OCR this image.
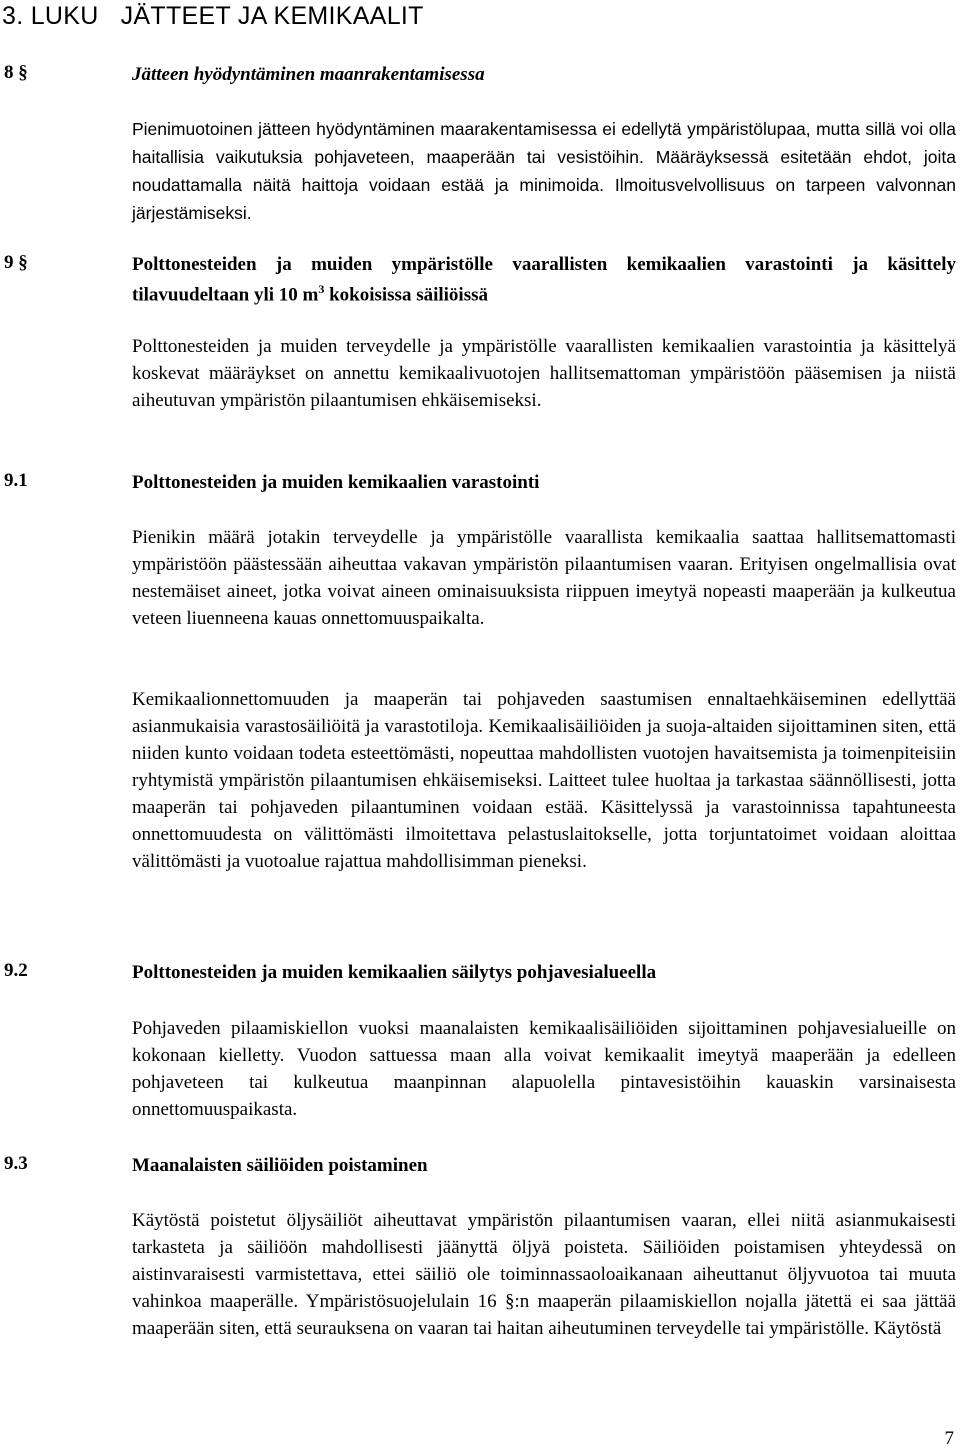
3. LUKU JÄTTEET JA KEMIKAALIT
8 §	Jätteen hyödyntäminen maanrakentamisessa

Pienimuotoinen jätteen hyödyntäminen maarakentamisessa ei edellytä ympäristölupaa, mutta sillä voi olla haitallisia vaikutuksia pohjaveteen, maaperään tai vesistöihin. Määräyksessä esitetään ehdot, joita noudattamalla näitä haittoja voidaan estää ja minimoida. Ilmoitusvelvollisuus on tarpeen valvonnan järjestämiseksi.

9 §	Polttonesteiden ja muiden ympäristölle vaarallisten kemikaalien varastointi ja käsittely tilavuudeltaan yli 10 $m^3$ kokoisissa säiliöissä

Polttonesteiden ja muiden terveydelle ja ympäristölle vaarallisten kemikaalien varastointia ja käsittelyä koskevat määräykset on annettu kemikaalivuotojen hallitsemattoman ympäristöön pääsemisen ja niistä aiheutuvan ympäristön pilaantumisen ehkäisemiseksi.

9.1	Polttonesteiden ja muiden kemikaalien varastointi

Pienikin määrä jotakin terveydelle ja ympäristölle vaarallista kemikaalia saattaa hallitsemattomasti ympäristöön päästessään aiheuttaa vakavan ympäristön pilaantumisen vaaran. Erityisen ongelmallisia ovat nestemäiset aineet, jotka voivat aineen ominaisuuksista riippuen imeytyä nopeasti maaperään ja kulkeutua veteen liuenneena kauas onnettomuuspaikalta.

Kemikaalionnettomuuden ja maaperän tai pohjaveden saastumisen ennaltaehkäiseminen edellyttää asianmukaisia varastosäiliöitä ja varastotiloja. Kemikaalisäiliöiden ja suoja-altaiden sijoittaminen siten, että niiden kunto voidaan todeta esteettömästi, nopeuttaa mahdollisten vuotojen havaitsemista ja toimenpiteisiin ryhtymistä ympäristön pilaantumisen ehkäisemiseksi. Laitteet tulee huoltaa ja tarkastaa säännöllisesti, jotta maaperän tai pohjaveden pilaantuminen voidaan estää. Käsittelyssä ja varastoinnissa tapahtuneesta onnettomuudesta on välittömästi ilmoitettava pelastuslaitokselle, jotta torjuntatoimet voidaan aloittaa välittömästi ja vuotoalue rajattua mahdollisimman pieneksi.

9.2	Polttonesteiden ja muiden kemikaalien säilytys pohjavesialueella

Pohjaveden pilaamiskiellon vuoksi maanalaisten kemikaalisäiliöiden sijoittaminen pohjavesialueille on kokonaan kielletty. Vuodon sattuessa maan alla voivat kemikaalit imeytyä maaperään ja edelleen pohjaveteen tai kulkeutua maanpinnan alapuolella pintavesistöihin kauaskin varsinaisesta onnettomuuspaikasta.

9.3	Maanalaisten säiliöiden poistaminen

Käytöstä poistetut öljysäiliöt aiheuttavat ympäristön pilaantumisen vaaran, ellei niitä asianmukaisesti tarkasteta ja säiliöön mahdollisesti jäänyttä öljyä poisteta. Säiliöiden poistamisen yhteydessä on aistinvaraisesti varmistettava, ettei säiliö ole toiminnassaoloaikanaan aiheuttanut öljyvuotoa tai muuta vahinkoa maaperälle. Ympäristösuojelulain 16 §:n maaperän pilaamiskiellon nojalla jätettä ei saa jättää maaperään siten, että seurauksena on vaaran tai haitan aiheutuminen terveydelle tai ympäristölle. Käytöstä

7
